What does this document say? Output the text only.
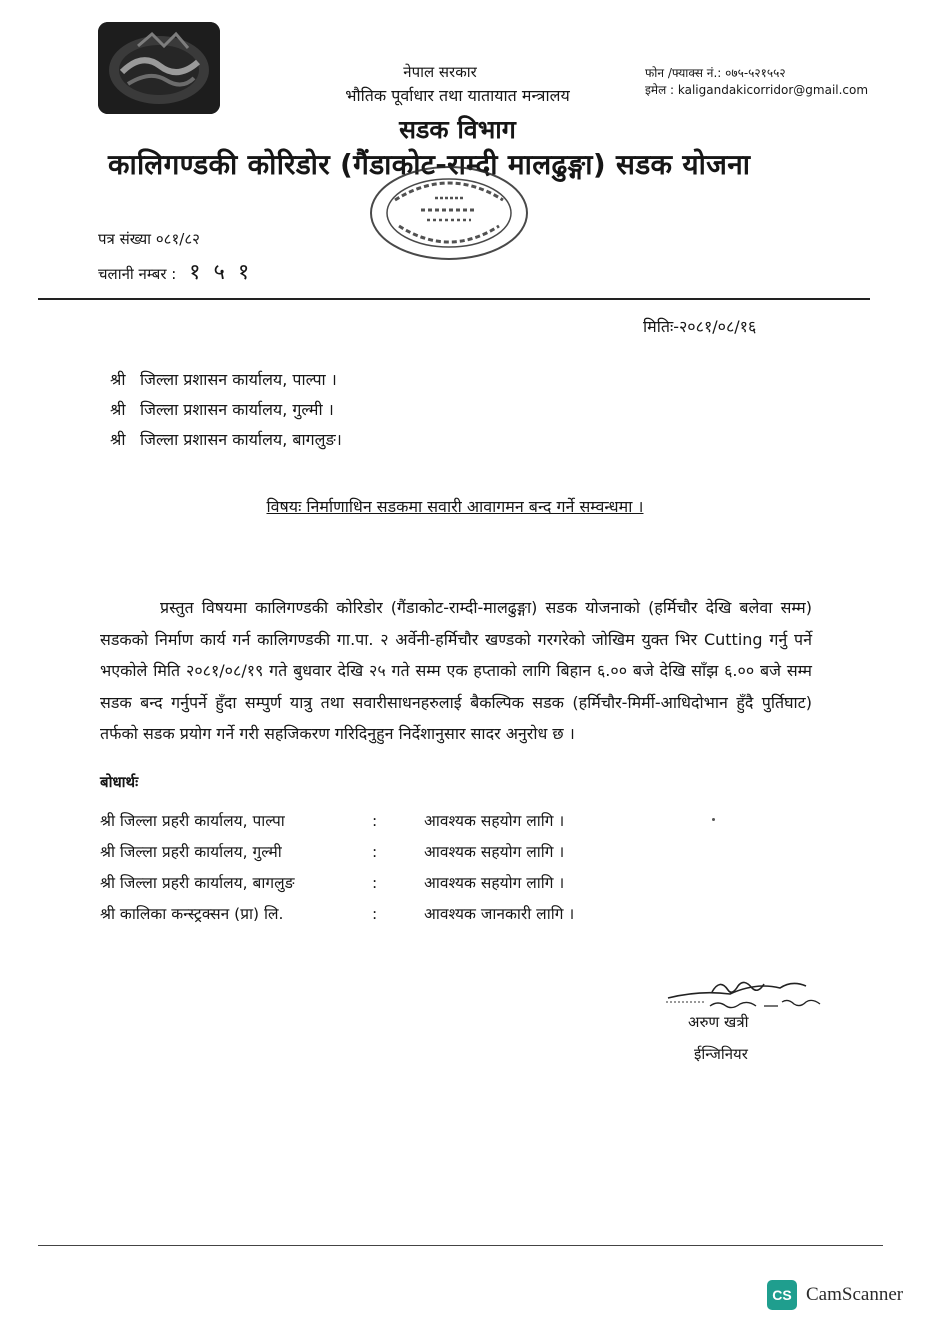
नेपाल सरकार
भौतिक पूर्वाधार तथा यातायात मन्त्रालय
फोन /फ्याक्स नं.: ०७५-५२१५५२
इमेल : kaligandakicorridor@gmail.com
सडक विभाग
कालिगण्डकी कोरिडोर (गैंडाकोट-राम्दी मालढुङ्गा) सडक योजना
पत्र संख्या ०८१/८२
चलानी नम्बर : १ ५ १
मितिः-२०८१/०८/१६
श्री जिल्ला प्रशासन कार्यालय, पाल्पा ।
श्री जिल्ला प्रशासन कार्यालय, गुल्मी ।
श्री जिल्ला प्रशासन कार्यालय, बागलुङ।
विषयः निर्माणाधिन सडकमा सवारी आवागमन बन्द गर्ने सम्वन्धमा ।
प्रस्तुत विषयमा कालिगण्डकी कोरिडोर (गैंडाकोट-राम्दी-मालढुङ्गा) सडक योजनाको (हर्मिचौर देखि बलेवा सम्म) सडकको निर्माण कार्य गर्न कालिगण्डकी गा.पा. २ अर्वेनी-हर्मिचौर खण्डको गरगरेको जोखिम युक्त भिर Cutting गर्नु पर्ने भएकोले मिति २०८१/०८/१९ गते बुधवार देखि २५ गते सम्म एक हप्ताको लागि बिहान ६.०० बजे देखि साँझ ६.०० बजे सम्म सडक बन्द गर्नुपर्ने हुँदा सम्पुर्ण यात्रु तथा सवारीसाधनहरुलाई बैकल्पिक सडक (हर्मिचौर-मिर्मी-आधिदोभान हुँदै पुर्तिघाट) तर्फको सडक प्रयोग गर्ने गरी सहजिकरण गरिदिनुहुन निर्देशानुसार सादर अनुरोध छ ।
बोधार्थः
श्री जिल्ला प्रहरी कार्यालय, पाल्पा	:	आवश्यक सहयोग लागि ।
श्री जिल्ला प्रहरी कार्यालय, गुल्मी	:	आवश्यक सहयोग लागि ।
श्री जिल्ला प्रहरी कार्यालय, बागलुङ	:	आवश्यक सहयोग लागि ।
श्री कालिका कन्स्ट्रक्सन (प्रा) लि.	:	आवश्यक जानकारी लागि ।
अरुण खत्री
ईन्जिनियर
CS CamScanner
